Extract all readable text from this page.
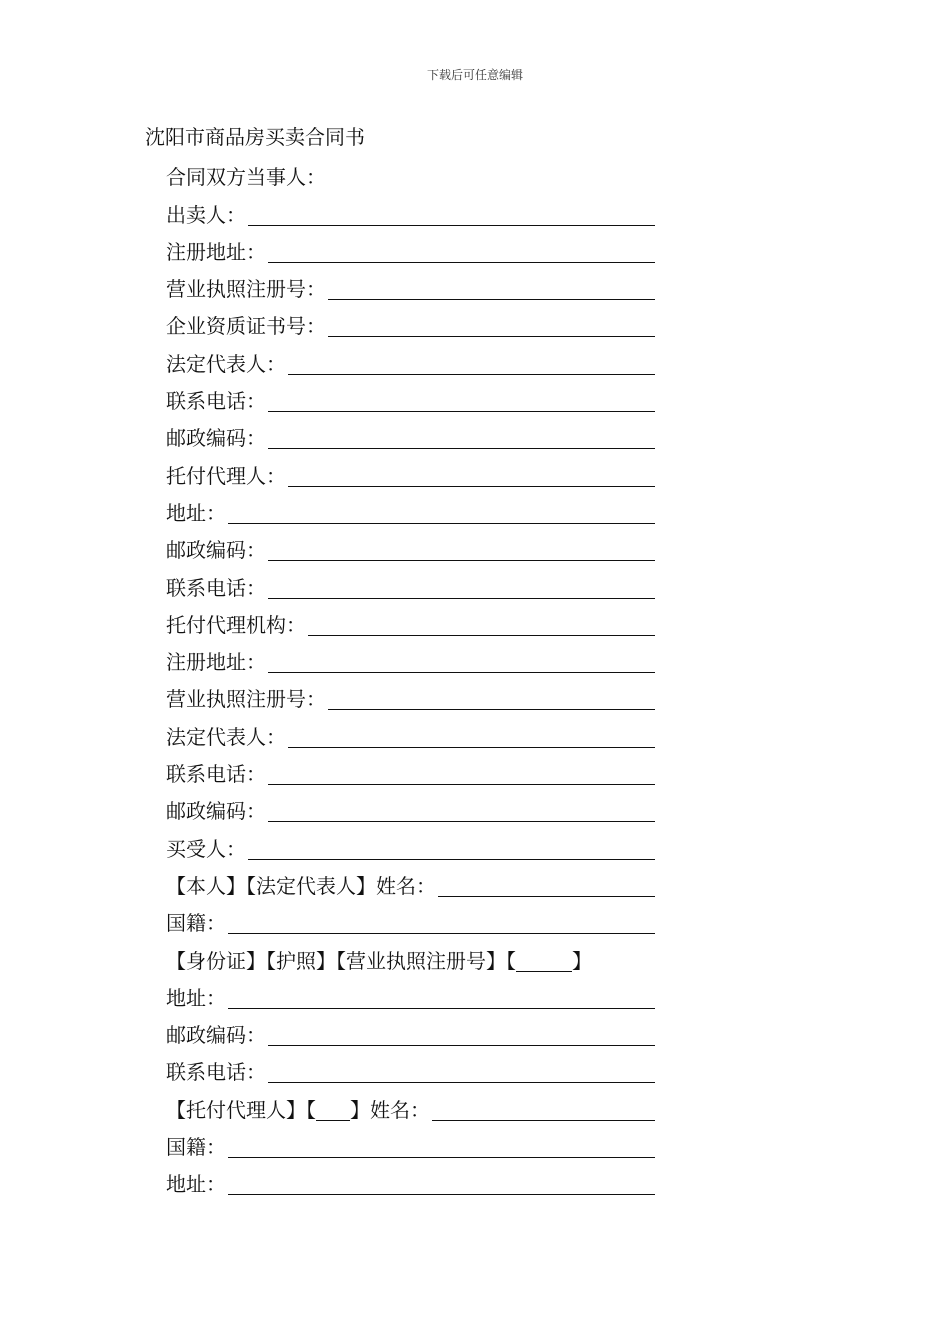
下载后可任意编辑
沈阳市商品房买卖合同书
合同双方当事人：
出卖人：
注册地址：
营业执照注册号：
企业资质证书号：
法定代表人：
联系电话：
邮政编码：
托付代理人：
地址：
邮政编码：
联系电话：
托付代理机构：
注册地址：
营业执照注册号：
法定代表人：
联系电话：
邮政编码：
买受人：
【本人】【法定代表人】姓名：
国籍：
【身份证】【护照】【营业执照注册号】【	】
地址：
邮政编码：
联系电话：
【托付代理人】【 】姓名：
国籍：
地址：
